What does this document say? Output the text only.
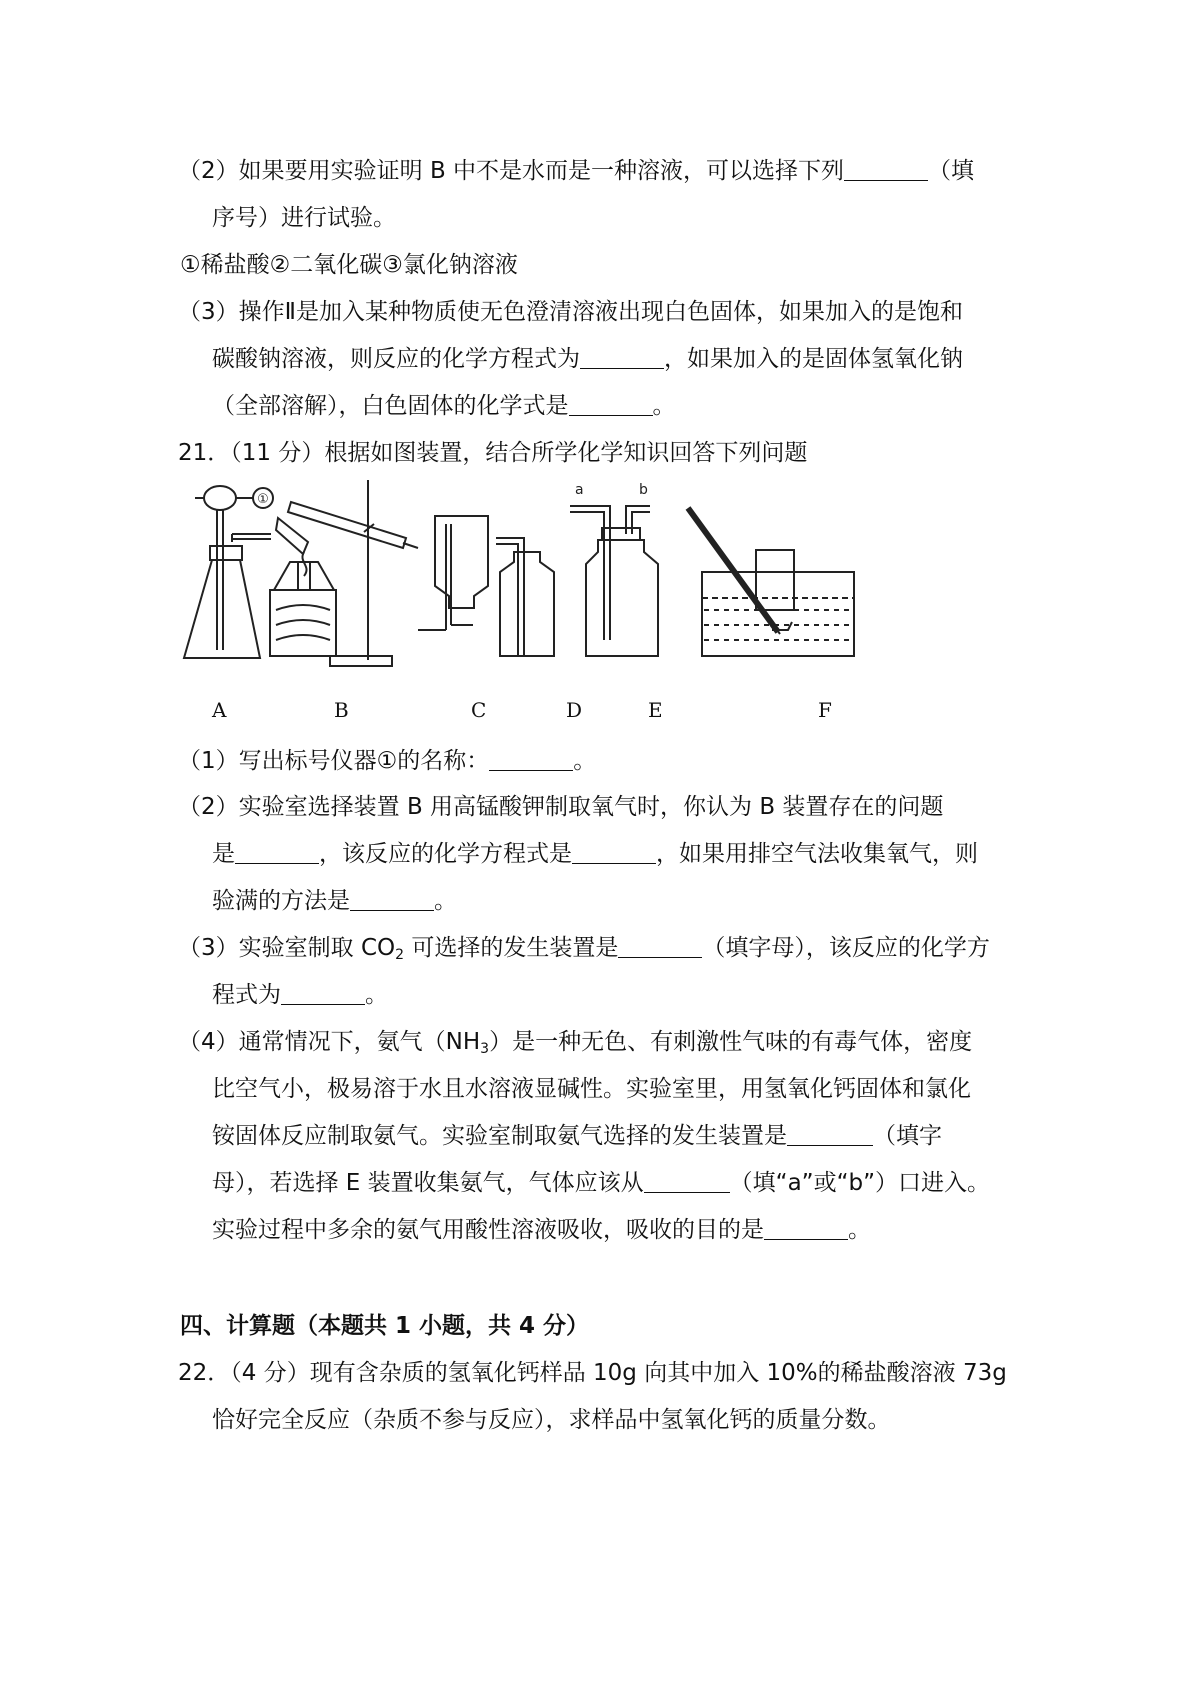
（2）如果要用实验证明 B 中不是水而是一种溶液，可以选择下列	（填
序号）进行试验。
①稀盐酸②二氧化碳③氯化钠溶液
（3）操作Ⅱ是加入某种物质使无色澄清溶液出现白色固体，如果加入的是饱和
碳酸钠溶液，则反应的化学方程式为	，如果加入的是固体氢氧化钠
（全部溶解），白色固体的化学式是	。
21．（11 分）根据如图装置，结合所学化学知识回答下列问题
①
a	b
A	B	C	D	E	F
（1）写出标号仪器①的名称：	。
（2）实验室选择装置 B 用高锰酸钾制取氧气时，你认为 B 装置存在的问题
是	，该反应的化学方程式是	，如果用排空气法收集氧气，则
验满的方法是	。
（3）实验室制取 $CO_2$ 可选择的发生装置是	（填字母），该反应的化学方
程式为	。
（4）通常情况下，氨气$(NH_3)$是一种无色、有刺激性气味的有毒气体，密度
比空气小，极易溶于水且水溶液显碱性。实验室里，用氢氧化钙固体和氯化
铵固体反应制取氨气。实验室制取氨气选择的发生装置是	（填字
母），若选择 E 装置收集氨气，气体应该从	（填“a”或“b”）口进入。
实验过程中多余的氨气用酸性溶液吸收，吸收的目的是	。
四、计算题（本题共 1 小题，共 4 分）
22．（4 分）现有含杂质的氢氧化钙样品 10g 向其中加入 10%的稀盐酸溶液 73g
恰好完全反应（杂质不参与反应），求样品中氢氧化钙的质量分数。
